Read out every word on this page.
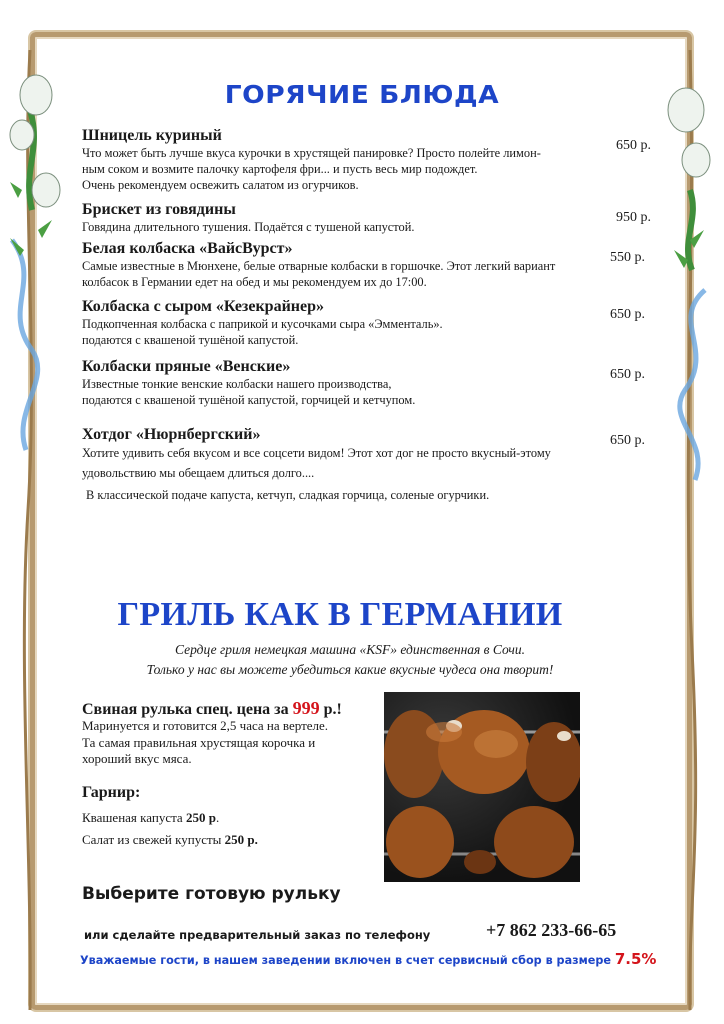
ГОРЯЧИЕ БЛЮДА
Шницель куриный
Что может быть лучше вкуса курочки в хрустящей панировке? Просто полейте лимон-
ным соком и возмите палочку картофеля фри... и пусть весь мир подождет.
Очень рекомендуем освежить салатом из огурчиков.
650 р.
Брискет из говядины
Говядина длительного тушения. Подаётся с тушеной капустой.
950 р.
Белая колбаска «ВайсВурст»
Самые известные в Мюнхене, белые отварные колбаски в горшочке. Этот легкий вариант
колбасок в Германии едет на обед и мы рекомендуем их до 17:00.
550 р.
Колбаска с сыром «Кезекрайнер»
Подкопченная колбаска с паприкой и кусочками сыра «Эмменталь».
подаются с квашеной тушёной капустой.
650 р.
Колбаски пряные «Венские»
Известные тонкие венские колбаски нашего производства,
подаются с квашеной тушёной капустой, горчицей и кетчупом.
650 р.
Хотдог «Нюрнбергский»
Хотите удивить себя вкусом и все соцсети видом! Этот хот дог не просто вкусный-этому
удовольствию мы обещаем длиться долго....
В классической подаче капуста, кетчуп, сладкая горчица, соленые огурчики.
650 р.
ГРИЛЬ КАК В ГЕРМАНИИ
Сердце гриля немецкая машина «KSF» единственная в Сочи.
Только у нас вы можете убедиться какие вкусные чудеса она творит!
Свиная рулька спец. цена за 999 р.!
Маринуется и готовится 2,5 часа на вертеле.
Та самая правильная хрустящая корочка и
хороший вкус мяса.
Гарнир:
Квашеная капуста 250 р.
Салат из свежей купусты 250 р.
Выберите готовую рульку
или сделайте предварительный заказ по телефону	+7 862 233-66-65
Уважаемые гости, в нашем заведении включен в счет сервисный сбор в размере 7.5%
